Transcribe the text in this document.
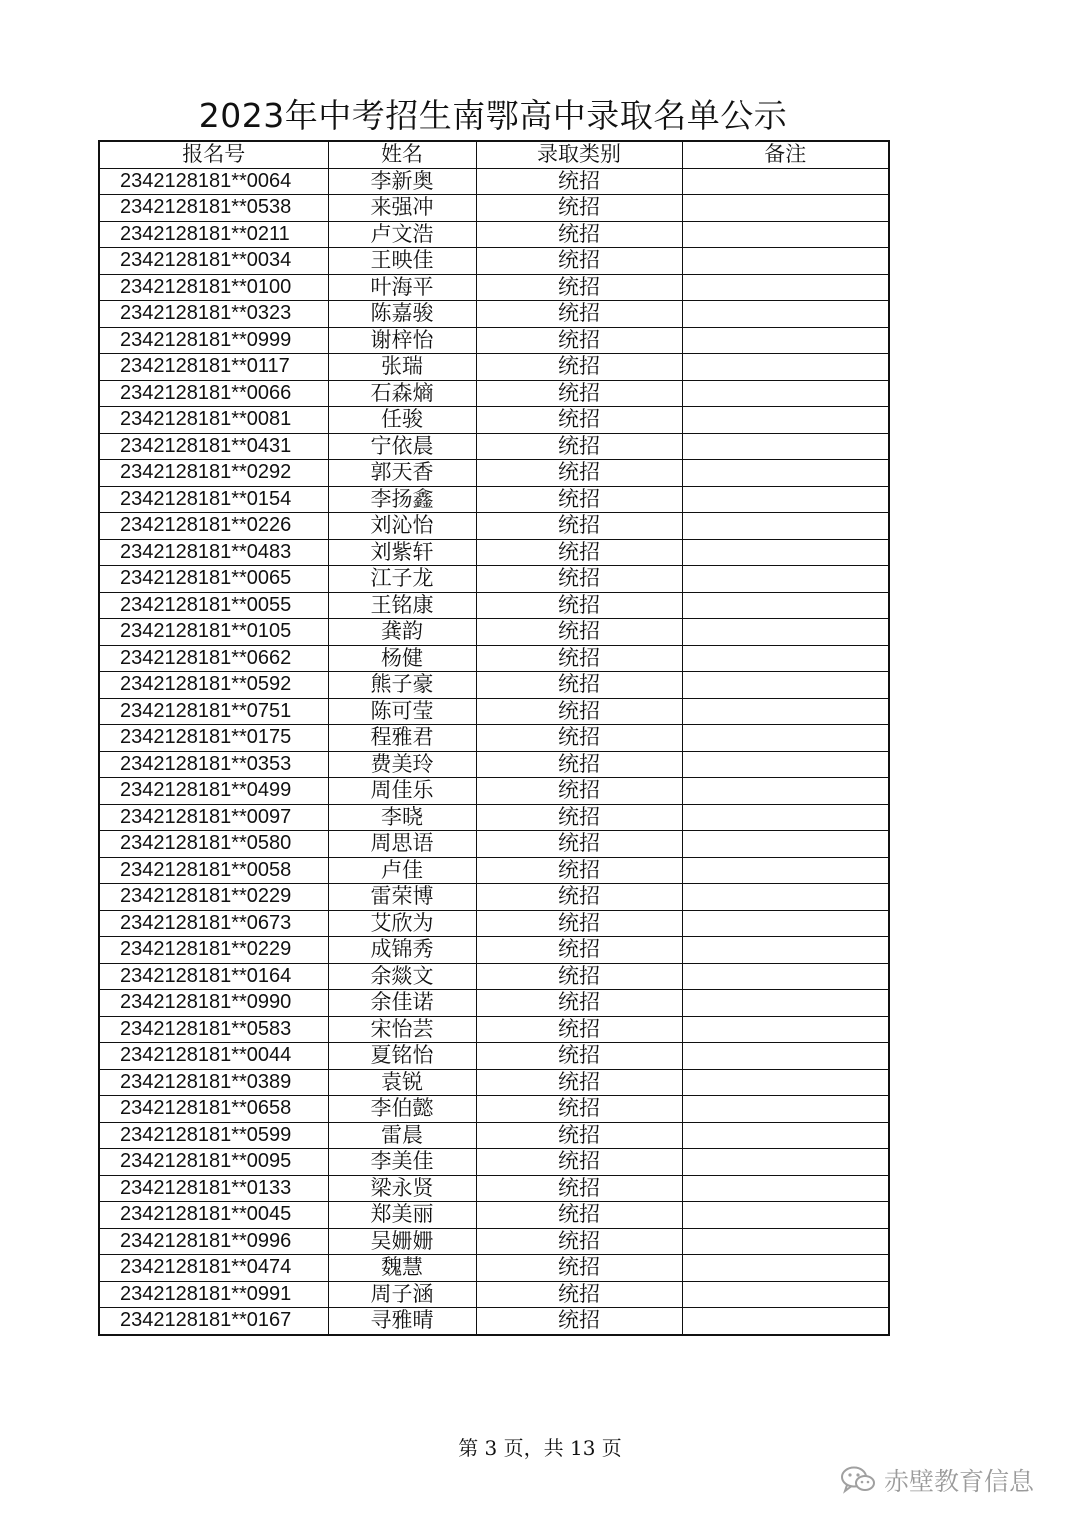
2023年中考招生南鄂高中录取名单公示
报名号	姓名	录取类别	备注
2342128181**0064	李新奥	统招	
2342128181**0538	来强冲	统招	
2342128181**0211	卢文浩	统招	
2342128181**0034	王映佳	统招	
2342128181**0100	叶海平	统招	
2342128181**0323	陈嘉骏	统招	
2342128181**0999	谢梓怡	统招	
2342128181**0117	张瑞	统招	
2342128181**0066	石森熵	统招	
2342128181**0081	任骏	统招	
2342128181**0431	宁依晨	统招	
2342128181**0292	郭天香	统招	
2342128181**0154	李扬鑫	统招	
2342128181**0226	刘沁怡	统招	
2342128181**0483	刘紫轩	统招	
2342128181**0065	江子龙	统招	
2342128181**0055	王铭康	统招	
2342128181**0105	龚韵	统招	
2342128181**0662	杨健	统招	
2342128181**0592	熊子豪	统招	
2342128181**0751	陈可莹	统招	
2342128181**0175	程雅君	统招	
2342128181**0353	费美玲	统招	
2342128181**0499	周佳乐	统招	
2342128181**0097	李晓	统招	
2342128181**0580	周思语	统招	
2342128181**0058	卢佳	统招	
2342128181**0229	雷荣博	统招	
2342128181**0673	艾欣为	统招	
2342128181**0229	成锦秀	统招	
2342128181**0164	余燚文	统招	
2342128181**0990	余佳诺	统招	
2342128181**0583	宋怡芸	统招	
2342128181**0044	夏铭怡	统招	
2342128181**0389	袁锐	统招	
2342128181**0658	李伯懿	统招	
2342128181**0599	雷晨	统招	
2342128181**0095	李美佳	统招	
2342128181**0133	梁永贤	统招	
2342128181**0045	郑美丽	统招	
2342128181**0996	吴姗姗	统招	
2342128181**0474	魏慧	统招	
2342128181**0991	周子涵	统招	
2342128181**0167	寻雅晴	统招	
第 3 页，共 13 页
赤壁教育信息
